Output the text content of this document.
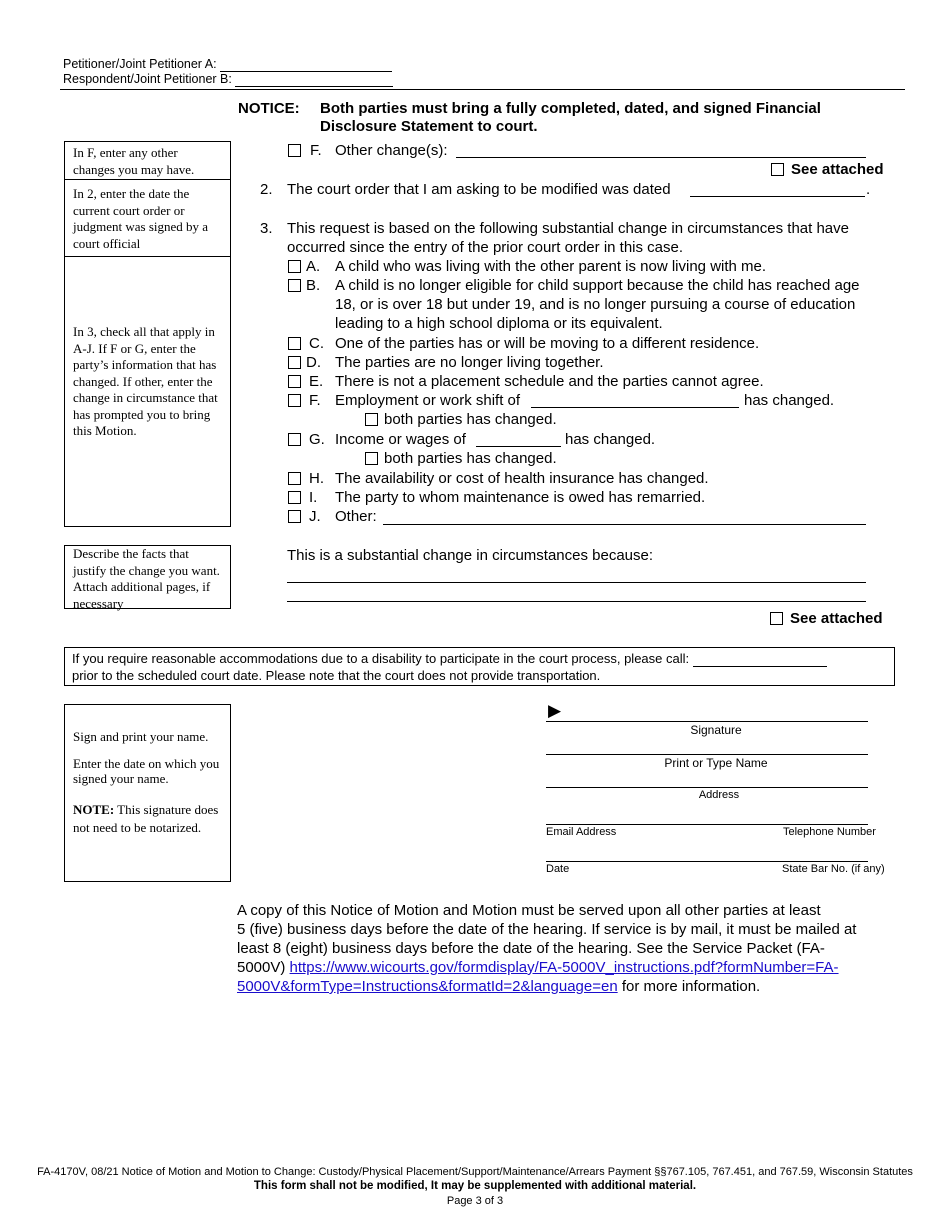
Petitioner/Joint Petitioner A:
Respondent/Joint Petitioner B:
NOTICE: Both parties must bring a fully completed, dated, and signed Financial
Disclosure Statement to court.
In F, enter any other changes you may have.
In 2, enter the date the current court order or judgment was signed by a court official
In 3, check all that apply in A-J. If F or G, enter the party’s information that has changed. If other, enter the change in circumstance that has prompted you to bring this Motion.
Describe the facts that justify the change you want. Attach additional pages, if necessary
F. Other change(s):
See attached
2. The court order that I am asking to be modified was dated	.
3. This request is based on the following substantial change in circumstances that have
occurred since the entry of the prior court order in this case.
A. A child who was living with the other parent is now living with me.
B. A child is no longer eligible for child support because the child has reached age
18, or is over 18 but under 19, and is no longer pursuing a course of education
leading to a high school diploma or its equivalent.
C. One of the parties has or will be moving to a different residence.
D. The parties are no longer living together.
E. There is not a placement schedule and the parties cannot agree.
F. Employment or work shift of	has changed.
both parties has changed.
G. Income or wages of	has changed.
both parties has changed.
H. The availability or cost of health insurance has changed.
I. The party to whom maintenance is owed has remarried.
J. Other:
This is a substantial change in circumstances because:
See attached
If you require reasonable accommodations due to a disability to participate in the court process, please call:
prior to the scheduled court date. Please note that the court does not provide transportation.
Sign and print your name.
Enter the date on which you signed your name.
NOTE: This signature does not need to be notarized.
▶
Signature
Print or Type Name
Address
Email Address	Telephone Number
Date	State Bar No. (if any)
A copy of this Notice of Motion and Motion must be served upon all other parties at least
5 (five) business days before the date of the hearing. If service is by mail, it must be mailed at
least 8 (eight) business days before the date of the hearing. See the Service Packet (FA-
5000V) https://www.wicourts.gov/formdisplay/FA-5000V_instructions.pdf?formNumber=FA-
5000V&formType=Instructions&formatId=2&language=en for more information.
FA-4170V, 08/21 Notice of Motion and Motion to Change: Custody/Physical Placement/Support/Maintenance/Arrears Payment §§767.105, 767.451, and 767.59, Wisconsin Statutes
This form shall not be modified, It may be supplemented with additional material.
Page 3 of 3
